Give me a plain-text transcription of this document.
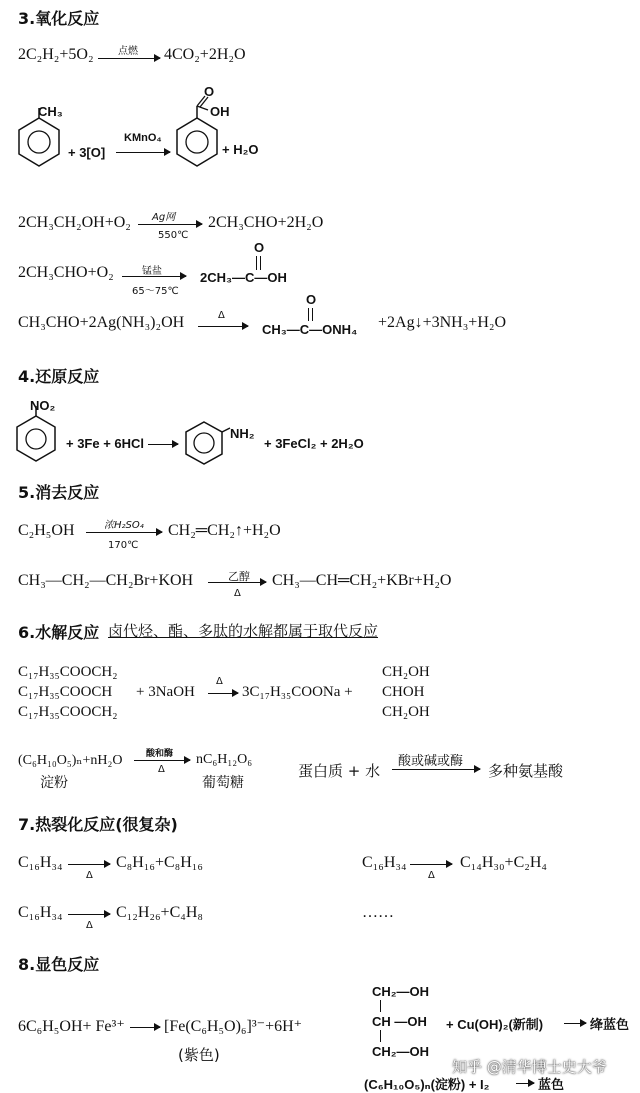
3.氧化反应
2C₂H₂+5O₂ 点燃 → 4CO₂+2H₂O
CH₃
+ 3[O]
KMnO₄
O
OH
+ H₂O
2CH₃CH₂OH+O₂ Ag网
550℃
2CH₃CHO+2H₂O
2CH₃CHO+O₂	锰盐
65～75℃
O
2CH₃—C—OH
CH₃CHO+2Ag(NH₃)₂OH	Δ
O
CH₃—C—ONH₄ +2Ag↓+3NH₃+H₂O
4.还原反应
NO₂
+ 3Fe + 6HCl →
NH₂
+ 3FeCl₂ + 2H₂O
5.消去反应
C₂H₅OH	浓H₂SO₄
170℃
CH₂═CH₂↑+H₂O
CH₃—CH₂—CH₂Br+KOH	乙醇
Δ
CH₃—CH═CH₂+KBr+H₂O
6.水解反应 卤代烃、酯、多肽的水解都属于取代反应
C₁₇H₃₅COOCH₂
C₁₇H₃₅COOCH
C₁₇H₃₅COOCH₂
+ 3NaOH
Δ
→ 3C₁₇H₃₅COONa +
CH₂OH
CHOH
CH₂OH
(C₆H₁₀O₅)ₙ+nH₂O	酸和酶
Δ
nC₆H₁₂O₆
淀粉	葡萄糖
蛋白质 + 水
酸或碱或酶
多种氨基酸
7.热裂化反应(很复杂)
C₁₆H₃₄ →
Δ
C₈H₁₆+C₈H₁₆	C₁₆H₃₄ →
Δ
C₁₄H₃₀+C₂H₄
C₁₆H₃₄ →
Δ
C₁₂H₂₆+C₄H₈	……
8.显色反应
6C₆H₅OH+ Fe³⁺ → [Fe(C₆H₅O)₆]³⁻+6H⁺
(紫色)
CH₂—OH
CH —OH
CH₂—OH
+ Cu(OH)₂(新制) → 绛蓝色
(C₆H₁₀O₅)ₙ(淀粉) + I₂ → 蓝色
知乎 @清华博士史大爷
